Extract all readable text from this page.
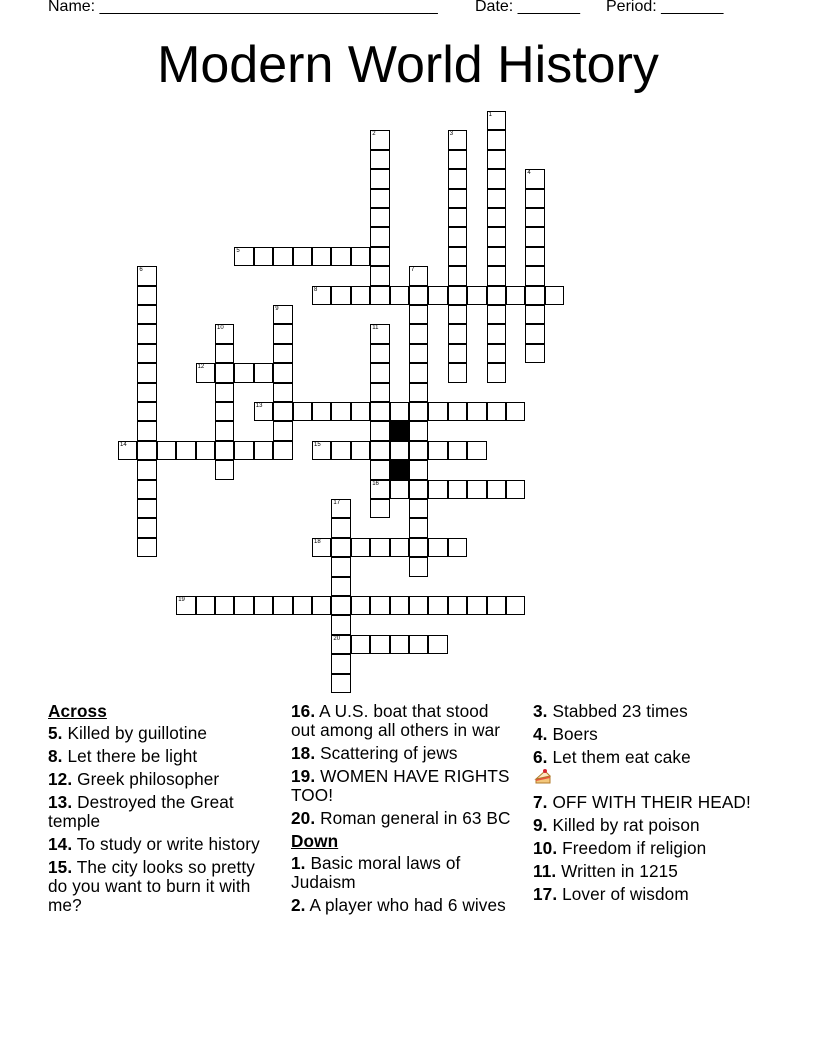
Name: ______________________________________ Date: _______ Period: _______
Modern World History
1
2	3
4
5
6	7
8
9
10	11
16
12
13
14	15
17
20
18
19
Across
5. Killed by guillotine
8. Let there be light
12. Greek philosopher
13. Destroyed the Great temple
14. To study or write history
15. The city looks so pretty do you want to burn it with me?
16. A U.S. boat that stood out among all others in war
18. Scattering of jews
19. WOMEN HAVE RIGHTS TOO!
20. Roman general in 63 BC
Down
1. Basic moral laws of Judaism
2. A player who had 6 wives
3. Stabbed 23 times
4. Boers
6. Let them eat cake

7. OFF WITH THEIR HEAD!
9. Killed by rat poison
10. Freedom if religion
11. Written in 1215
17. Lover of wisdom
